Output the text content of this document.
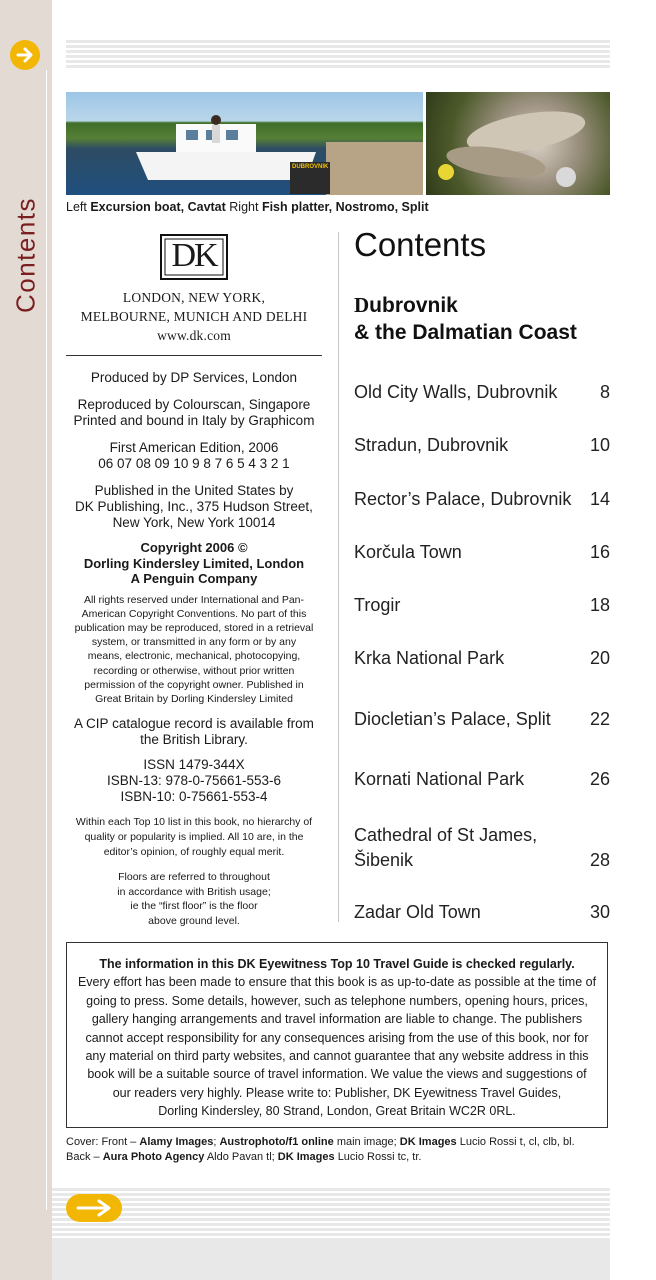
Contents
DUBROVNIK
Left Excursion boat, Cavtat Right Fish platter, Nostromo, Split
DK
LONDON, NEW YORK,
MELBOURNE, MUNICH AND DELHI
www.dk.com
Produced by DP Services, London
Reproduced by Colourscan, Singapore
Printed and bound in Italy by Graphicom
First American Edition, 2006
06 07 08 09 10 9 8 7 6 5 4 3 2 1
Published in the United States by
DK Publishing, Inc., 375 Hudson Street,
New York, New York 10014
Copyright 2006 ©
Dorling Kindersley Limited, London
A Penguin Company
All rights reserved under International and Pan-
American Copyright Conventions. No part of this
publication may be reproduced, stored in a retrieval
system, or transmitted in any form or by any
means, electronic, mechanical, photocopying,
recording or otherwise, without prior written
permission of the copyright owner. Published in
Great Britain by Dorling Kindersley Limited
A CIP catalogue record is available from
the British Library.
ISSN 1479-344X
ISBN-13: 978-0-75661-553-6
ISBN-10: 0-75661-553-4
Within each Top 10 list in this book, no hierarchy of
quality or popularity is implied. All 10 are, in the
editor’s opinion, of roughly equal merit.
Floors are referred to throughout
in accordance with British usage;
ie the “first floor” is the floor
above ground level.
Contents
Dubrovnik
& the Dalmatian Coast
Old City Walls, Dubrovnik 8
Stradun, Dubrovnik	10
Rector’s Palace, Dubrovnik 14
Korčula Town	16
Trogir	18
Krka National Park	20
Diocletian’s Palace, Split 22
Kornati National Park	26
Cathedral of St James,
Šibenik	28
Zadar Old Town	30
The information in this DK Eyewitness Top 10 Travel Guide is checked regularly.
Every effort has been made to ensure that this book is as up-to-date as possible at the time of
going to press. Some details, however, such as telephone numbers, opening hours, prices,
gallery hanging arrangements and travel information are liable to change. The publishers
cannot accept responsibility for any consequences arising from the use of this book, nor for
any material on third party websites, and cannot guarantee that any website address in this
book will be a suitable source of travel information. We value the views and suggestions of
our readers very highly. Please write to: Publisher, DK Eyewitness Travel Guides,
Dorling Kindersley, 80 Strand, London, Great Britain WC2R 0RL.
Cover: Front – Alamy Images; Austrophoto/f1 online main image; DK Images Lucio Rossi t, cl, clb, bl.
Back – Aura Photo Agency Aldo Pavan tl; DK Images Lucio Rossi tc, tr.
